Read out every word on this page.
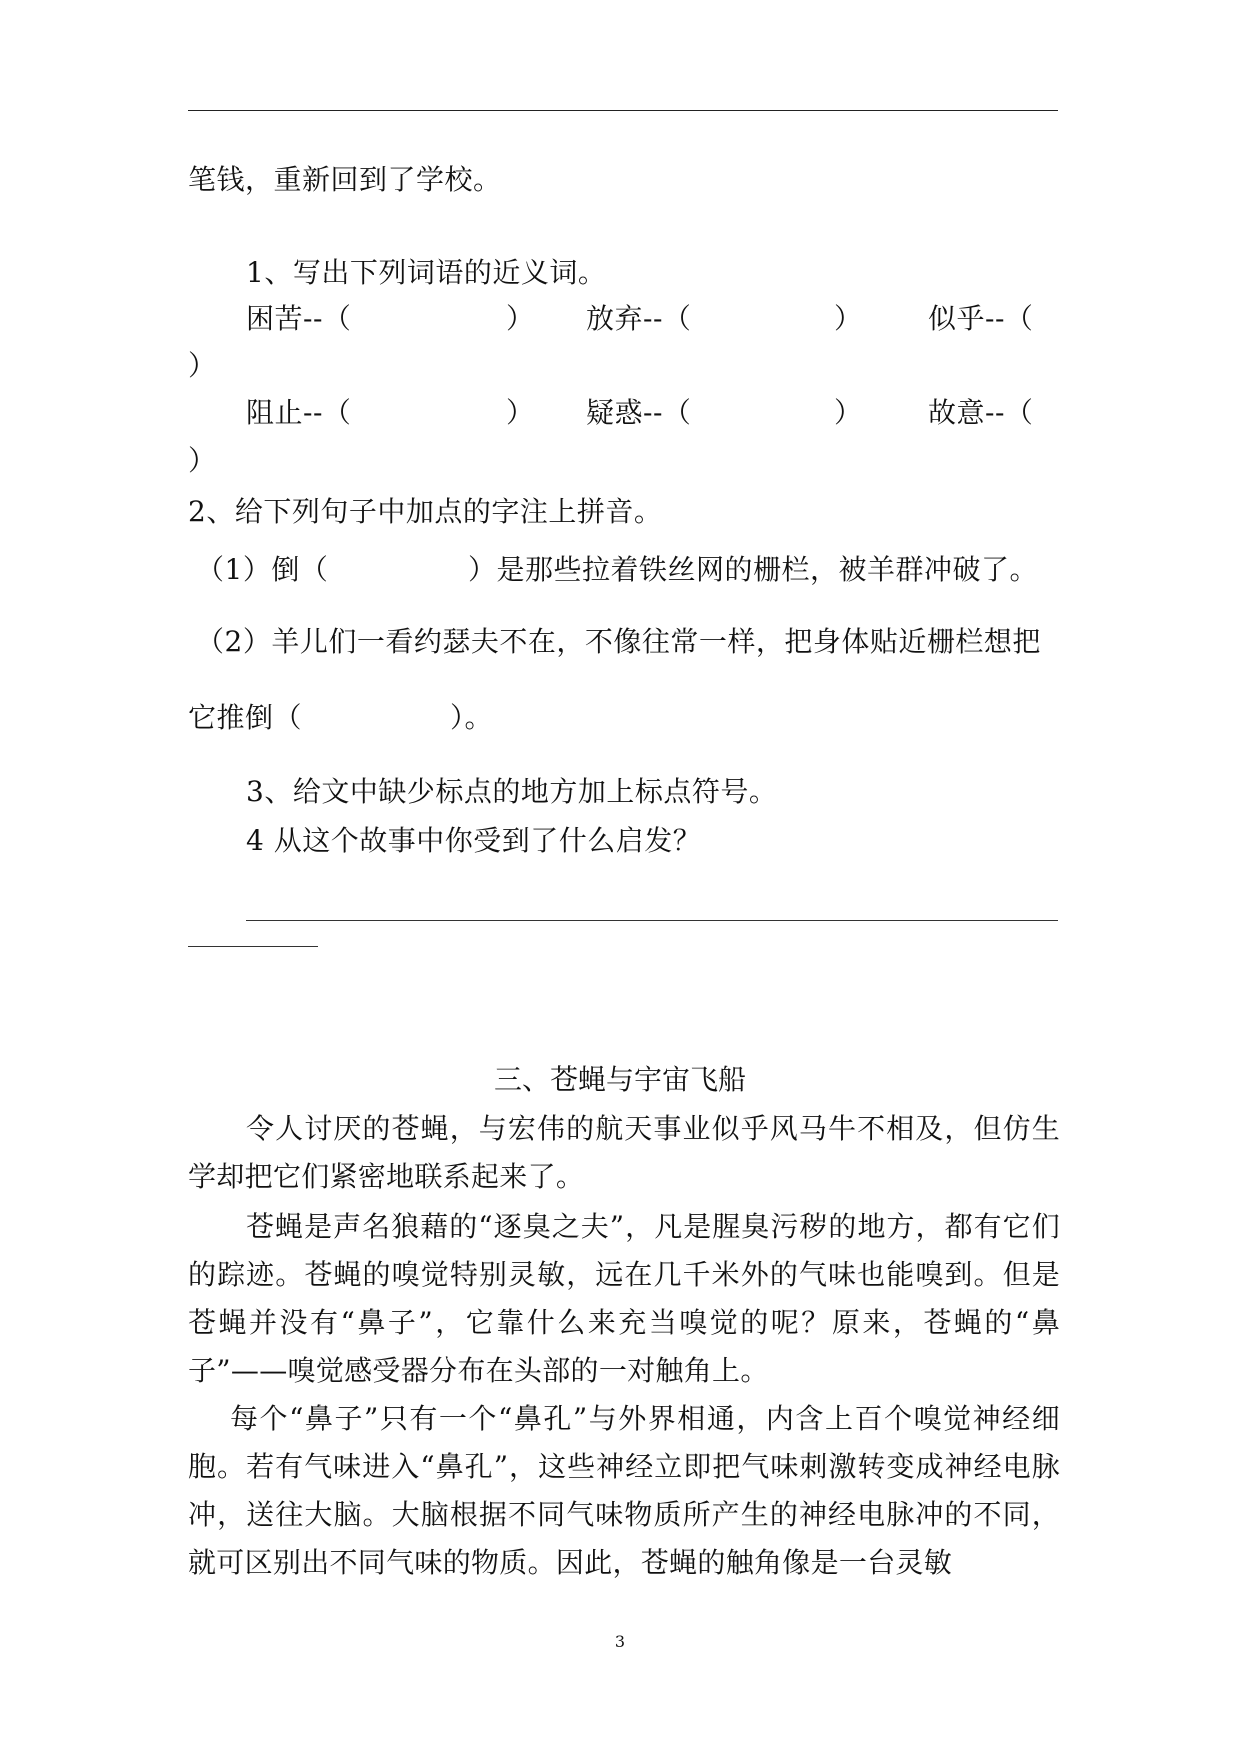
笔钱，重新回到了学校。
1、写出下列词语的近义词。
困苦--（	） 放弃--（	） 似乎--（
）
阻止--（	） 疑惑--（	） 故意--（
）
2、给下列句子中加点的字注上拼音。
（1）倒（	）是那些拉着铁丝网的栅栏，被羊群冲破了。
（2）羊儿们一看约瑟夫不在，不像往常一样，把身体贴近栅栏想把
它推倒（	）。
3、给文中缺少标点的地方加上标点符号。
4 从这个故事中你受到了什么启发？
三、苍蝇与宇宙飞船
令人讨厌的苍蝇，与宏伟的航天事业似乎风马牛不相及，但仿生学却把它们紧密地联系起来了。
苍蝇是声名狼藉的“逐臭之夫”，凡是腥臭污秽的地方，都有它们的踪迹。苍蝇的嗅觉特别灵敏，远在几千米外的气味也能嗅到。但是苍蝇并没有“鼻子”，它靠什么来充当嗅觉的呢？原来，苍蝇的“鼻子”——嗅觉感受器分布在头部的一对触角上。
每个“鼻子”只有一个“鼻孔”与外界相通，内含上百个嗅觉神经细胞。若有气味进入“鼻孔”，这些神经立即把气味刺激转变成神经电脉冲，送往大脑。大脑根据不同气味物质所产生的神经电脉冲的不同，就可区别出不同气味的物质。因此，苍蝇的触角像是一台灵敏
3
